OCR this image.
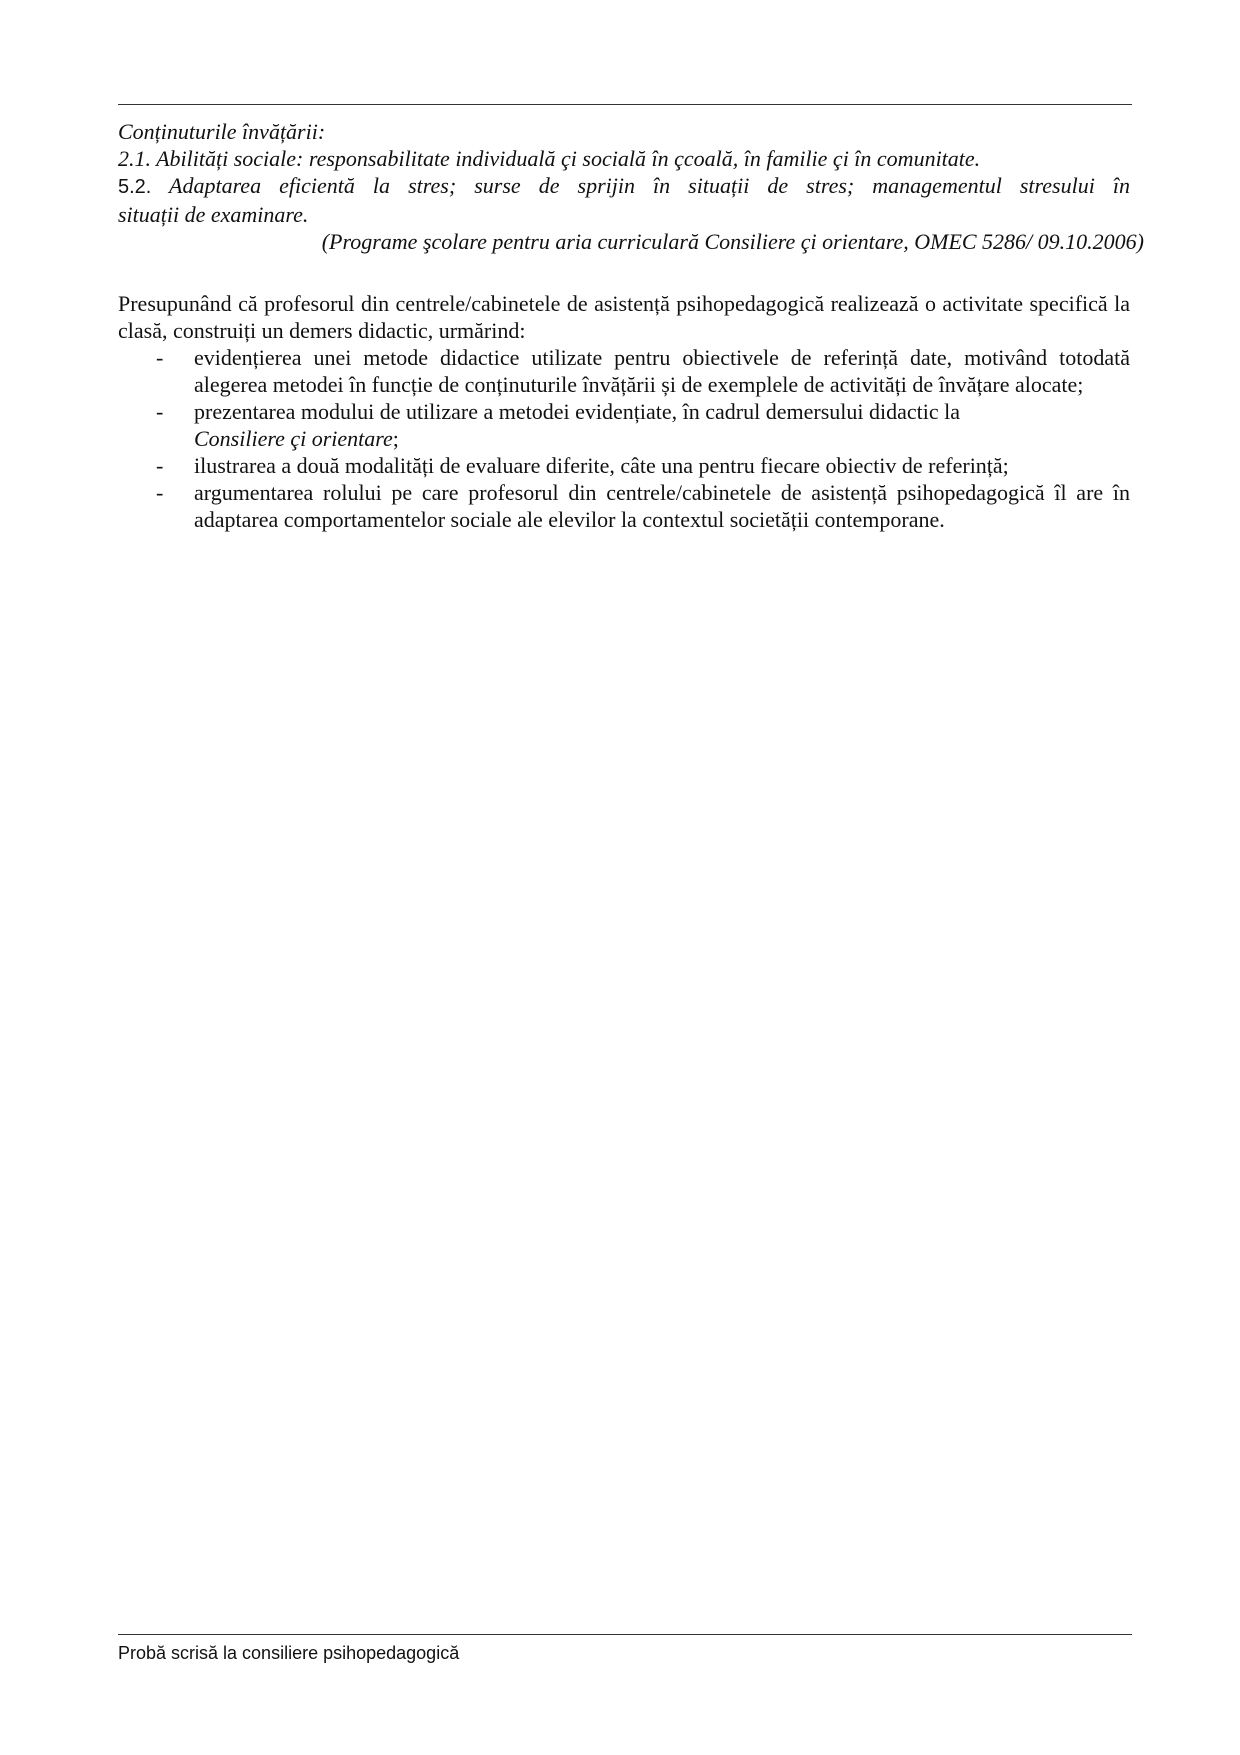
Conținuturile învățării:
2.1. Abilități sociale: responsabilitate individuală çi socială în çcoală, în familie çi în comunitate.
5.2. Adaptarea eficientă la stres; surse de sprijin în situații de stres; managementul stresului în
situații de examinare.
(Programe şcolare pentru aria curriculară Consiliere çi orientare, OMEC 5286/ 09.10.2006)

Presupunând că profesorul din centrele/cabinetele de asistență psihopedagogică realizează o activitate specifică la clasă, construiți un demers didactic, urmărind:

- evidențierea unei metode didactice utilizate pentru obiectivele de referință date, motivând totodată alegerea metodei în funcție de conținuturile învățării și de exemplele de activități de învățare alocate;
- prezentarea modului de utilizare a metodei evidențiate, în cadrul demersului didactic la
Consiliere çi orientare;
- ilustrarea a două modalități de evaluare diferite, câte una pentru fiecare obiectiv de referință;
- argumentarea rolului pe care profesorul din centrele/cabinetele de asistență psihopedagogică îl are în adaptarea comportamentelor sociale ale elevilor la contextul societății contemporane.
Probă scrisă la consiliere psihopedagogică
